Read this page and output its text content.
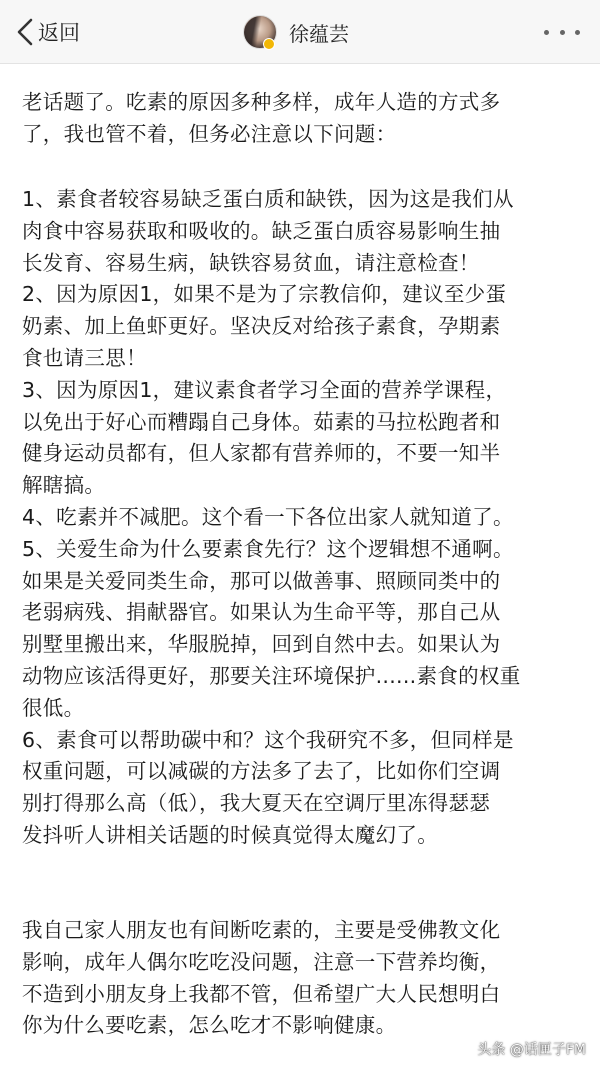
返回	徐蕴芸

老话题了。吃素的原因多种多样，成年人造的方式多
了，我也管不着，但务必注意以下问题：

1、素食者较容易缺乏蛋白质和缺铁，因为这是我们从
肉食中容易获取和吸收的。缺乏蛋白质容易影响生抽
长发育、容易生病，缺铁容易贫血，请注意检查！
2、因为原因1，如果不是为了宗教信仰，建议至少蛋
奶素、加上鱼虾更好。坚决反对给孩子素食，孕期素
食也请三思！
3、因为原因1，建议素食者学习全面的营养学课程，
以免出于好心而糟蹋自己身体。茹素的马拉松跑者和
健身运动员都有，但人家都有营养师的，不要一知半
解瞎搞。
4、吃素并不减肥。这个看一下各位出家人就知道了。
5、关爱生命为什么要素食先行？这个逻辑想不通啊。
如果是关爱同类生命，那可以做善事、照顾同类中的
老弱病残、捐献器官。如果认为生命平等，那自己从
别墅里搬出来，华服脱掉，回到自然中去。如果认为
动物应该活得更好，那要关注环境保护......素食的权重
很低。
6、素食可以帮助碳中和？这个我研究不多，但同样是
权重问题，可以减碳的方法多了去了，比如你们空调
别打得那么高（低），我大夏天在空调厅里冻得瑟瑟
发抖听人讲相关话题的时候真觉得太魔幻了。

我自己家人朋友也有间断吃素的，主要是受佛教文化
影响，成年人偶尔吃吃没问题，注意一下营养均衡，
不造到小朋友身上我都不管，但希望广大人民想明白
你为什么要吃素，怎么吃才不影响健康。

头条 @话匣子FM
